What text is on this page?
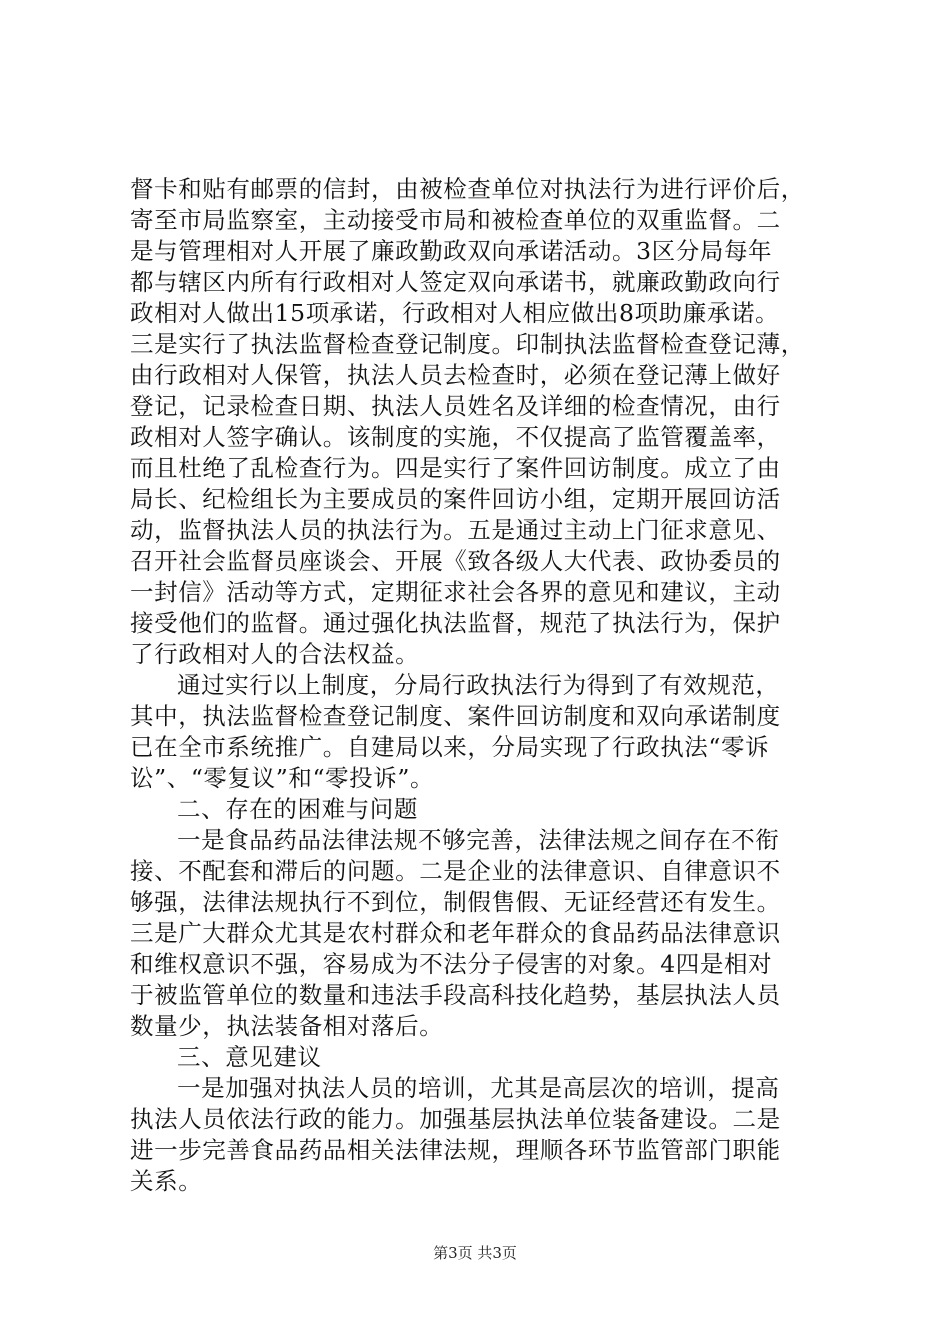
督卡和贴有邮票的信封，由被检查单位对执法行为进行评价后，
寄至市局监察室，主动接受市局和被检查单位的双重监督。二
是与管理相对人开展了廉政勤政双向承诺活动。3区分局每年
都与辖区内所有行政相对人签定双向承诺书，就廉政勤政向行
政相对人做出15项承诺，行政相对人相应做出8项助廉承诺。
三是实行了执法监督检查登记制度。印制执法监督检查登记薄，
由行政相对人保管，执法人员去检查时，必须在登记薄上做好
登记，记录检查日期、执法人员姓名及详细的检查情况，由行
政相对人签字确认。该制度的实施，不仅提高了监管覆盖率，
而且杜绝了乱检查行为。四是实行了案件回访制度。成立了由
局长、纪检组长为主要成员的案件回访小组，定期开展回访活
动，监督执法人员的执法行为。五是通过主动上门征求意见、
召开社会监督员座谈会、开展《致各级人大代表、政协委员的
一封信》活动等方式，定期征求社会各界的意见和建议，主动
接受他们的监督。通过强化执法监督，规范了执法行为，保护
了行政相对人的合法权益。
通过实行以上制度，分局行政执法行为得到了有效规范，
其中，执法监督检查登记制度、案件回访制度和双向承诺制度
已在全市系统推广。自建局以来，分局实现了行政执法“零诉
讼”、“零复议”和“零投诉”。
二、存在的困难与问题
一是食品药品法律法规不够完善，法律法规之间存在不衔
接、不配套和滞后的问题。二是企业的法律意识、自律意识不
够强，法律法规执行不到位，制假售假、无证经营还有发生。
三是广大群众尤其是农村群众和老年群众的食品药品法律意识
和维权意识不强，容易成为不法分子侵害的对象。4四是相对
于被监管单位的数量和违法手段高科技化趋势，基层执法人员
数量少，执法装备相对落后。
三、意见建议
一是加强对执法人员的培训，尤其是高层次的培训，提高
执法人员依法行政的能力。加强基层执法单位装备建设。二是
进一步完善食品药品相关法律法规，理顺各环节监管部门职能
关系。
第3页 共3页
